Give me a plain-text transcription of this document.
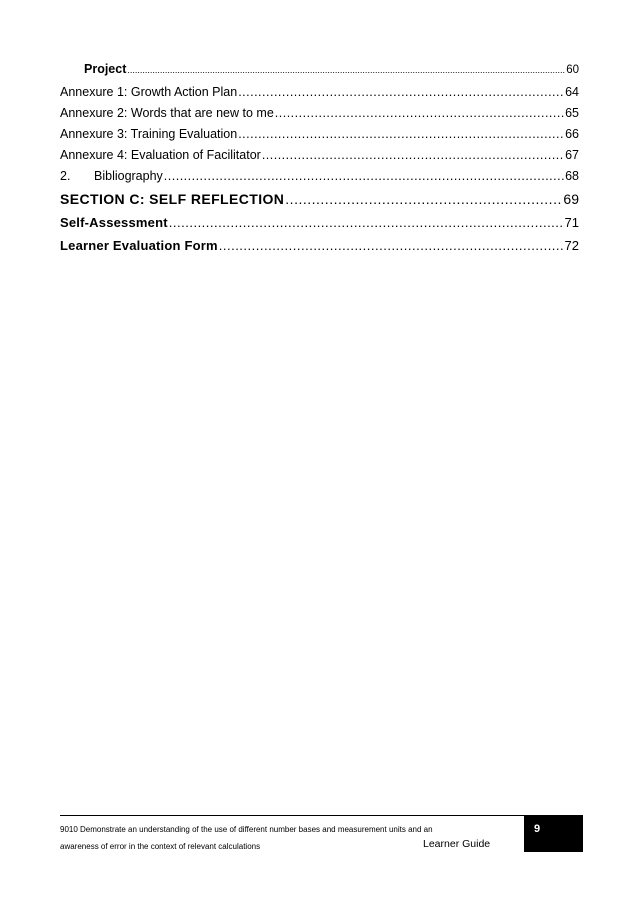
Project .....	60
Annexure 1: Growth Action Plan .....	64
Annexure 2: Words that are new to me .....	65
Annexure 3: Training Evaluation .....	66
Annexure 4: Evaluation of Facilitator .....	67
2. Bibliography .....	68
SECTION C: SELF REFLECTION .....	69
Self-Assessment .....	71
Learner Evaluation Form .....	72
9010 Demonstrate an understanding of the use of different number bases and measurement units and an
awareness of error in the context of relevant calculations	Learner Guide
9
